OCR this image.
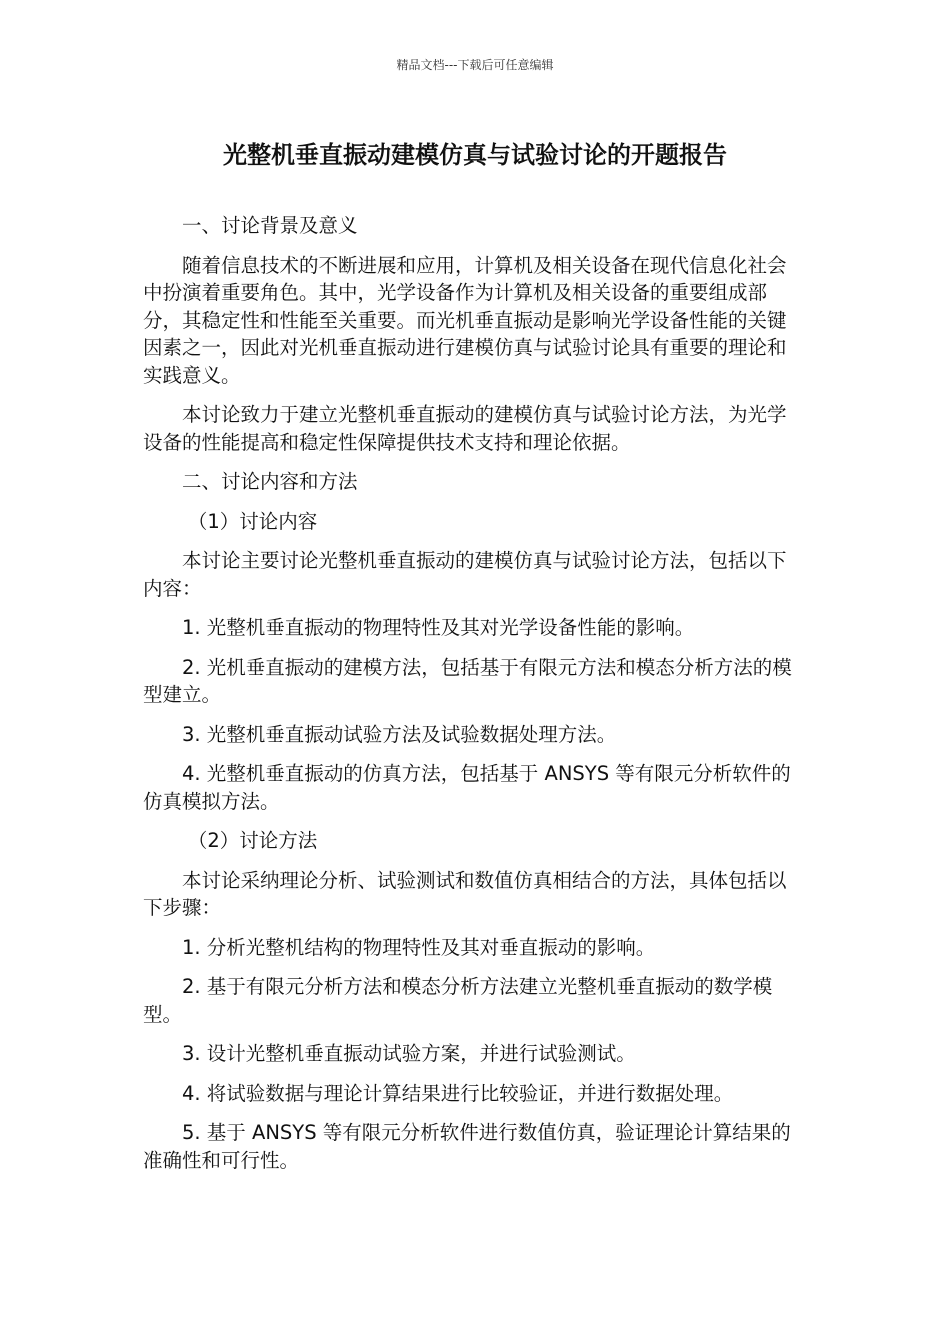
精品文档---下载后可任意编辑
光整机垂直振动建模仿真与试验讨论的开题报告

一、讨论背景及意义

随着信息技术的不断进展和应用，计算机及相关设备在现代信息化社会中扮演着重要角色。其中，光学设备作为计算机及相关设备的重要组成部分，其稳定性和性能至关重要。而光机垂直振动是影响光学设备性能的关键因素之一，因此对光机垂直振动进行建模仿真与试验讨论具有重要的理论和实践意义。

本讨论致力于建立光整机垂直振动的建模仿真与试验讨论方法，为光学设备的性能提高和稳定性保障提供技术支持和理论依据。

二、讨论内容和方法

（1）讨论内容

本讨论主要讨论光整机垂直振动的建模仿真与试验讨论方法，包括以下内容：

1. 光整机垂直振动的物理特性及其对光学设备性能的影响。

2. 光机垂直振动的建模方法，包括基于有限元方法和模态分析方法的模型建立。

3. 光整机垂直振动试验方法及试验数据处理方法。

4. 光整机垂直振动的仿真方法，包括基于 ANSYS 等有限元分析软件的仿真模拟方法。

（2）讨论方法

本讨论采纳理论分析、试验测试和数值仿真相结合的方法，具体包括以下步骤：

1. 分析光整机结构的物理特性及其对垂直振动的影响。

2. 基于有限元分析方法和模态分析方法建立光整机垂直振动的数学模型。

3. 设计光整机垂直振动试验方案，并进行试验测试。

4. 将试验数据与理论计算结果进行比较验证，并进行数据处理。

5. 基于 ANSYS 等有限元分析软件进行数值仿真，验证理论计算结果的准确性和可行性。
